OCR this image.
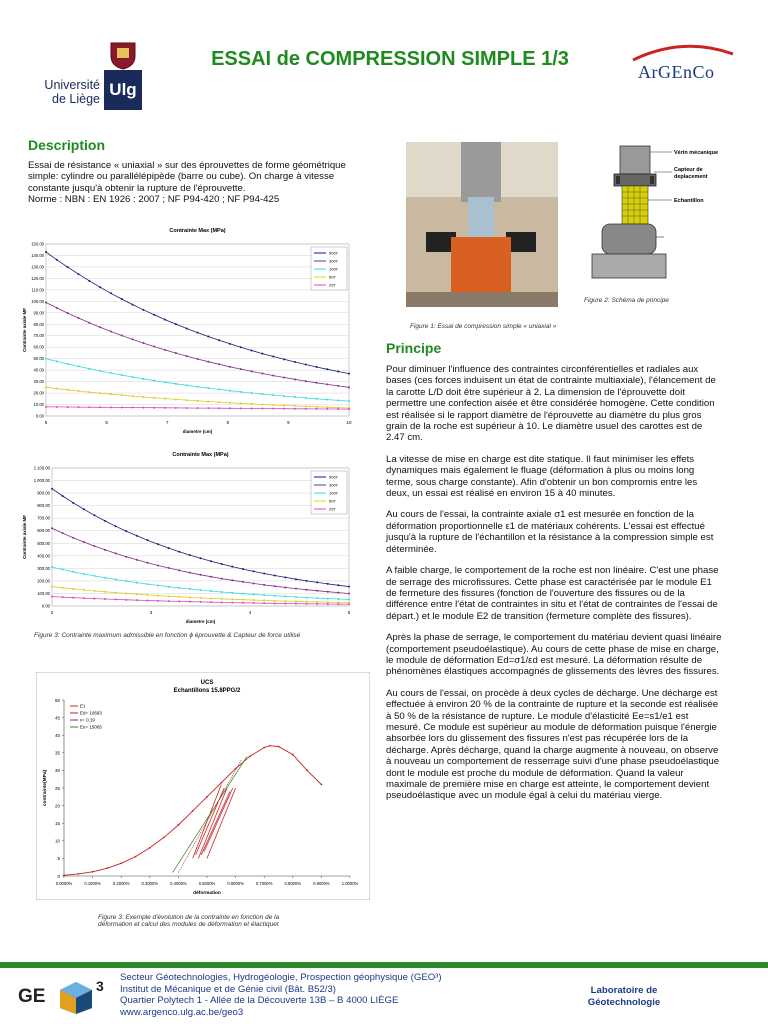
Université
de Liège Ulg
ESSAI de COMPRESSION SIMPLE 1/3
ArGEnCo
Description
Essai de résistance « uniaxial » sur des éprouvettes de forme géométrique
simple: cylindre ou parallélépipède (barre ou cube). On charge à vitesse
constante jusqu'à obtenir la rupture de l'éprouvette.
Norme : NBN : EN 1926 : 2007 ; NF P94-420 ; NF P94-425
Figure 1: Essai de compression simple « uniaxial »
Vérin mécanique
Capteur de
deplacement
Echantillon
Figure 2: Schéma de principe
Principe

Pour diminuer l'influence des contraintes circonférentielles et radiales aux bases (ces forces induisent un état de contrainte multiaxiale), l'élancement de la carotte L/D doit être supérieur à 2. La dimension de l'éprouvette doit permettre une confection aisée et être considérée homogène. Cette condition est réalisée si le rapport diamètre de l'éprouvette au diamètre du plus gros grain de la roche est supérieur à 10. Le diamètre usuel des carottes est de 2.47 cm.

La vitesse de mise en charge est dite statique. Il faut minimiser les effets dynamiques mais également le fluage (déformation à plus ou moins long terme, sous charge constante). Afin d'obtenir un bon compromis entre les deux, un essai est réalisé en environ 15 à 40 minutes.

Au cours de l'essai, la contrainte axiale σ1 est mesurée en fonction de la déformation proportionnelle ε1 de matériaux cohérents. L'essai est effectué jusqu'à la rupture de l'échantillon et la résistance à la compression simple est déterminée.

A faible charge, le comportement de la roche est non linéaire. C'est une phase de serrage des microfissures. Cette phase est caractérisée par le module E1 de fermeture des fissures (fonction de l'ouverture des fissures ou de la différence entre l'état de contraintes in situ et l'état de contraintes de l'essai de départ.) et le module E2 de transition (fermeture complète des fissures).

Après la phase de serrage, le comportement du matériau devient quasi linéaire (comportement pseudoélastique). Au cours de cette phase de mise en charge, le module de déformation Ed=σ1/εd est mesuré. La déformation résulte de phénomènes élastiques accompagnés de glissements des lèvres des fissures.

Au cours de l'essai, on procède à deux cycles de décharge. Une décharge est effectuée à environ 20 % de la contrainte de rupture et la seconde est réalisée à 50 % de la résistance de rupture. Le module d'élasticité Ee=s1/e1 est mesuré. Ce module est supérieur au module de déformation puisque l'énergie absorbée lors du glissement des fissures n'est pas récupérée lors de la décharge. Après décharge, quand la charge augmente à nouveau, on observe à nouveau un comportement de resserrage suivi d'une phase pseudoélastique dont le module est proche du module de déformation. Quand la valeur maximale de première mise en charge est atteinte, le comportement devient pseudoélastique avec un module égal à celui du matériau vierge.

Contrainte Max (MPa)
0.00
10.00
20.00
30.00
40.00
50.00
60.00
70.00
80.00
90.00
100.00
110.00
120.00
130.00
140.00
150.00
5	6	7	8	9	10
diametre (cm)
Contrainte axiale MF
500T
300T
100T
50T
25T
Contrainte Max (MPa)
0.00
100.00
200.00
300.00
400.00
500.00
600.00
700.00
800.00
900.00
1 000.00
1 100.00
2	3	4	5
diametre (cm)
Contrainte axiale MF
500T
300T
100T
50T
25T
Figure 3: Contrainte maximum admissible en fonction ϕ éprouvette & Capteur de force utilisé
UCS
Echantillons 15.8PPG/2
0
5
10
15
20
25
30
35
40
45
50
0.0000%	0.1000%	0.2000%	0.3000%	0.4000%	0.5000%	0.6000%	0.7000%	0.8000%	0.9000%	1.0000%
déformation
contrainte(MPa)
E1
Ed= 10693
ν= 0.19
Ee= 15065
Figure 3: Exemple d'évolution de la contrainte en fonction de la
déformation et calcul des modules de déformation et élactiquet
GE	3
Secteur Géotechnologies, Hydrogéologie, Prospection géophysique (GEO³)
Institut de Mécanique et de Génie civil (Bât. B52/3)
Quartier Polytech 1 - Allée de la Découverte 13B – B 4000 LIÈGE
www.argenco.ulg.ac.be/geo3
Laboratoire de
Géotechnologie
